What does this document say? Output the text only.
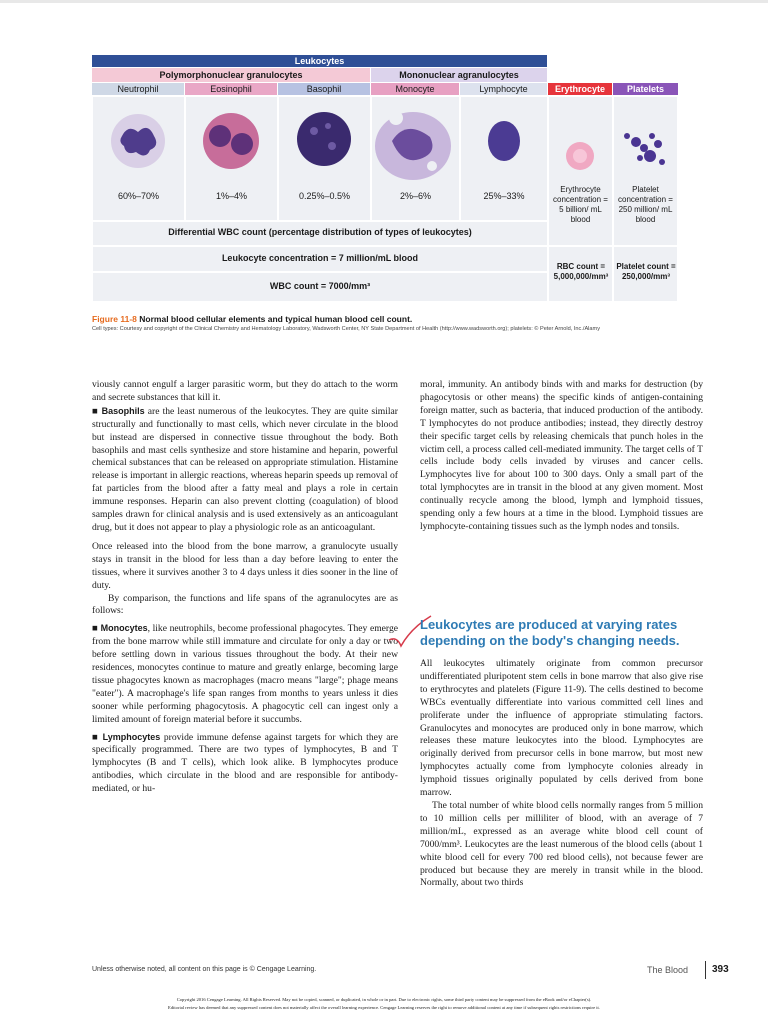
Leukocytes
Polymorphonuclear granulocytes	Mononuclear agranulocytes
Neutrophil	Eosinophil	Basophil	Monocyte	Lymphocyte	Erythrocyte	Platelets
60%–70%	1%–4%	0.25%–0.5%	2%–6%	25%–33%
Erythrocyte concentration = 5 billion/ mL blood
Platelet concentration = 250 million/ mL blood
Differential WBC count (percentage distribution of types of leukocytes)
Leukocyte concentration = 7 million/mL blood
WBC count = 7000/mm³
RBC count = 5,000,000/mm³
Platelet count = 250,000/mm³
Figure 11-8 Normal blood cellular elements and typical human blood cell count.
Cell types: Courtesy and copyright of the Clinical Chemistry and Hematology Laboratory, Wadsworth Center, NY State Department of Health (http://www.wadsworth.org); platelets: © Peter Arnold, Inc./Alamy

viously cannot engulf a larger parasitic worm, but they do attach to the worm and secrete substances that kill it.

■ Basophils are the least numerous of the leukocytes. They are quite similar structurally and functionally to mast cells, which never circulate in the blood but instead are dispersed in connective tissue throughout the body. Both basophils and mast cells synthesize and store histamine and heparin, powerful chemical substances that can be released on appropriate stimulation. Histamine release is important in allergic reactions, whereas heparin speeds up removal of fat particles from the blood after a fatty meal and plays a role in certain immune responses. Heparin can also prevent clotting (coagulation) of blood samples drawn for clinical analysis and is used extensively as an anticoagulant drug, but it does not appear to play a physiologic role as an anticoagulant.

Once released into the blood from the bone marrow, a granulocyte usually stays in transit in the blood for less than a day before leaving to enter the tissues, where it survives another 3 to 4 days unless it dies sooner in the line of duty.

By comparison, the functions and life spans of the agranulocytes are as follows:

■ Monocytes, like neutrophils, become professional phagocytes. They emerge from the bone marrow while still immature and circulate for only a day or two before settling down in various tissues throughout the body. At their new residences, monocytes continue to mature and greatly enlarge, becoming large tissue phagocytes known as macrophages (macro means "large"; phage means "eater"). A macrophage's life span ranges from months to years unless it dies sooner while performing phagocytosis. A phagocytic cell can ingest only a limited amount of foreign material before it succumbs.

■ Lymphocytes provide immune defense against targets for which they are specifically programmed. There are two types of lymphocytes, B and T lymphocytes (B and T cells), which look alike. B lymphocytes produce antibodies, which circulate in the blood and are responsible for antibody-mediated, or hu-

moral, immunity. An antibody binds with and marks for destruction (by phagocytosis or other means) the specific kinds of antigen-containing foreign matter, such as bacteria, that induced production of the antibody. T lymphocytes do not produce antibodies; instead, they directly destroy their specific target cells by releasing chemicals that punch holes in the victim cell, a process called cell-mediated immunity. The target cells of T cells include body cells invaded by viruses and cancer cells. Lymphocytes live for about 100 to 300 days. Only a small part of the total lymphocytes are in transit in the blood at any given moment. Most continually recycle among the blood, lymph and lymphoid tissues, spending only a few hours at a time in the blood. Lymphoid tissues are lymphocyte-containing tissues such as the lymph nodes and tonsils.

Leukocytes are produced at varying rates depending on the body's changing needs.

All leukocytes ultimately originate from common precursor undifferentiated pluripotent stem cells in bone marrow that also give rise to erythrocytes and platelets (Figure 11-9). The cells destined to become WBCs eventually differentiate into various committed cell lines and proliferate under the influence of appropriate stimulating factors. Granulocytes and monocytes are produced only in bone marrow, which releases these mature leukocytes into the blood. Lymphocytes are originally derived from precursor cells in bone marrow, but most new lymphocytes actually come from lymphocyte colonies already in lymphoid tissues originally populated by cells derived from bone marrow.

The total number of white blood cells normally ranges from 5 million to 10 million cells per milliliter of blood, with an average of 7 million/mL, expressed as an average white blood cell count of 7000/mm³. Leukocytes are the least numerous of the blood cells (about 1 white blood cell for every 700 red blood cells), not because fewer are produced but because they are merely in transit while in the blood. Normally, about two thirds

Unless otherwise noted, all content on this page is © Cengage Learning.	The Blood 393
Copyright 2016 Cengage Learning. All Rights Reserved. May not be copied, scanned, or duplicated, in whole or in part. Due to electronic rights, some third party content may be suppressed from the eBook and/or eChapter(s).
Editorial review has deemed that any suppressed content does not materially affect the overall learning experience. Cengage Learning reserves the right to remove additional content at any time if subsequent rights restrictions require it.
